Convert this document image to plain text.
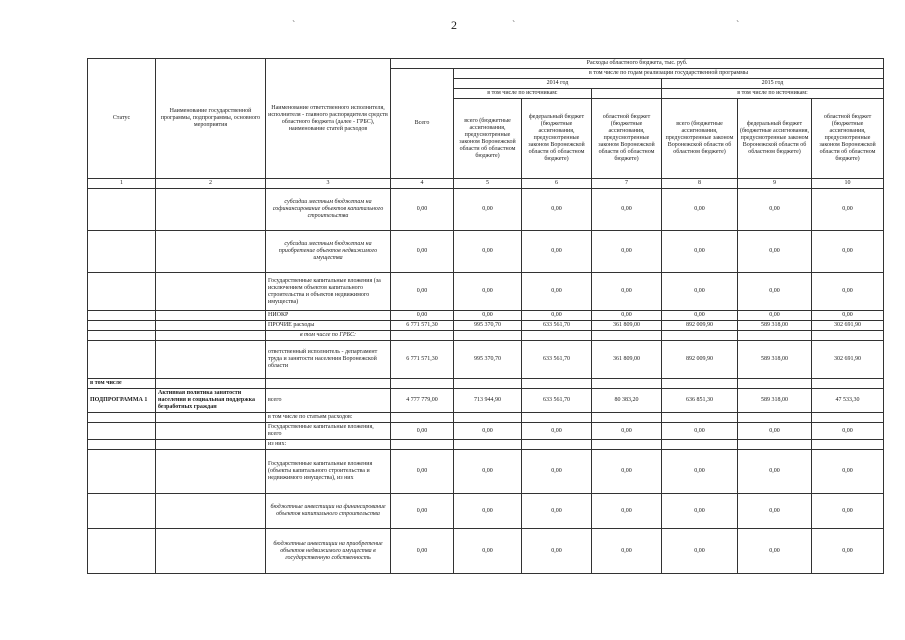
2
`	`	`
Статус	Наименование государственной программы, подпрограммы, основного мероприятия	Наименование ответственного исполнителя, исполнителя - главного распорядителя средств областного бюджета (далее - ГРБС), наименование статей расходов	Расходы областного бюджета, тыс. руб.						
			Всего	в том числе по годам реализации государственной программы					
				2014 год			2015 год		
				в том числе по источникам:			в том числе по источникам:		
				всего (бюджетные ассигнования, предусмотренные законом Воронежской области об областном бюджете)	федеральный бюджет (бюджетные ассигнования, предусмотренные законом Воронежской области об областном бюджете)	областной бюджет (бюджетные ассигнования, предусмотренные законом Воронежской области об областном бюджете)	всего (бюджетные ассигнования, предусмотренные законом Воронежской области об областном бюджете)	федеральный бюджет (бюджетные ассигнования, предусмотренные законом Воронежской области об областном бюджете)	областной бюджет (бюджетные ассигнования, предусмотренные законом Воронежской области об областном бюджете)
1	2	3	4	5	6	7	8	9	10
		субсидии местным бюджетам на софинансирование объектов капитального строительства	0,00	0,00	0,00	0,00	0,00	0,00	0,00
		субсидии местным бюджетам на приобретение объектов недвижимого имущества	0,00	0,00	0,00	0,00	0,00	0,00	0,00
		Государственные капитальные вложения (за исключением объектов капитального строительства и объектов недвижимого имущества)	0,00	0,00	0,00	0,00	0,00	0,00	0,00
		НИОКР	0,00	0,00	0,00	0,00	0,00	0,00	0,00
		ПРОЧИЕ расходы	6 771 571,30	995 370,70	633 561,70	361 809,00	892 009,90	589 318,00	302 691,90
		в том числе по ГРБС:							
		ответственный исполнитель - департамент труда и занятости населения Воронежской области	6 771 571,30	995 370,70	633 561,70	361 809,00	892 009,90	589 318,00	302 691,90
в том числе									
ПОДПРОГРАММА 1	Активная политика занятости населения и социальная поддержка безработных граждан	всего	4 777 779,00	713 944,90	633 561,70	80 383,20	636 851,30	589 318,00	47 533,30
		в том числе по статьям расходов:							
		Государственные капитальные вложения, всего	0,00	0,00	0,00	0,00	0,00	0,00	0,00
		из них:							
		Государственные капитальные вложения (объекты капитального строительства и недвижимого имущества), из них	0,00	0,00	0,00	0,00	0,00	0,00	0,00
		бюджетные инвестиции на финансирование объектов капитального строительства	0,00	0,00	0,00	0,00	0,00	0,00	0,00
		бюджетные инвестиции на приобретение объектов недвижимого имущества в государственную собственность	0,00	0,00	0,00	0,00	0,00	0,00	0,00
